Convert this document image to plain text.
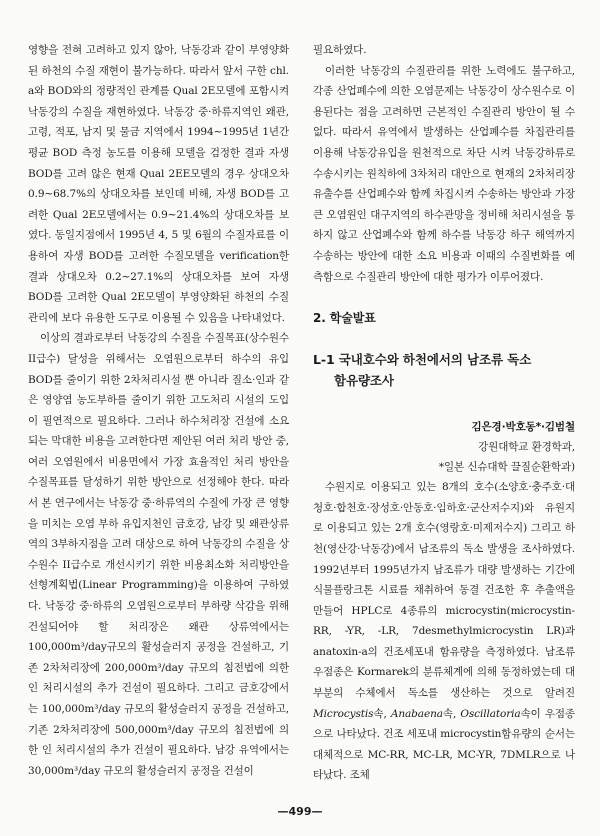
영향을 전혀 고려하고 있지 않아, 낙동강과 같이 부영양화된 하천의 수질 재현이 불가능하다. 따라서 앞서 구한 chl. a와 BOD와의 정량적인 관계를 Qual 2E모델에 포함시켜 낙동강의 수질을 재현하였다. 낙동강 중·하류지역인 왜관, 고령, 적포, 남지 및 물금 지역에서 1994∼1995년 1년간 평균 BOD 측정 농도를 이용해 모델을 검정한 결과 자생 BOD를 고려 않은 현재 Qual 2EE모델의 경우 상대오차 0.9∼68.7%의 상대오차를 보인데 비해, 자생 BOD를 고려한 Qual 2E모델에서는 0.9∼21.4%의 상대오차를 보였다. 동일지점에서 1995년 4, 5 및 6월의 수질자료를 이용하여 자생 BOD를 고려한 수질모델을 verification한 결과 상대오차 0.2∼27.1%의 상대오차를 보여 자생 BOD를 고려한 Qual 2E모델이 부영양화된 하천의 수질관리에 보다 유용한 도구로 이용될 수 있음을 나타내었다.

이상의 결과로부터 낙동강의 수질을 수질목표(상수원수 II급수) 달성을 위해서는 오염원으로부터 하수의 유입 BOD를 줄이기 위한 2차처리시설 뿐 아니라 질소·인과 같은 영양염 농도부하를 줄이기 위한 고도처리 시설의 도입이 필연적으로 필요하다. 그러나 하수처리장 건설에 소요되는 막대한 비용을 고려한다면 제안된 여러 처리 방안 중, 여러 오염원에서 비용면에서 가장 효율적인 처리 방안을 수질목표를 달성하기 위한 방안으로 선정해야 한다. 따라서 본 연구에서는 낙동강 중·하류역의 수질에 가장 큰 영향을 미치는 오염 부하 유입지천인 금호강, 남강 및 왜관상류역의 3부하지점을 고려 대상으로 하여 낙동강의 수질을 상수원수 II급수로 개선시키기 위한 비용최소화 처리방안을 선형계획법(Linear Programming)을 이용하여 구하였다. 낙동강 중·하류의 오염원으로부터 부하량 삭감을 위해 건설되어야 할 처리장은 왜관 상류역에서는 100,000m³/day규모의 활성슬러지 공정을 건설하고, 기존 2차처리장에 200,000m³/day 규모의 침전법에 의한 인 처리시설의 추가 건설이 필요하다. 그리고 금호강에서는 100,000m³/day 규모의 활성슬러지 공정을 건설하고, 기존 2차처리장에 500,000m³/day 규모의 침전법에 의한 인 처리시설의 추가 건설이 필요하다. 남강 유역에서는 30,000m³/day 규모의 활성슬러지 공정을 건설이

필요하였다.

이러한 낙동강의 수질관리를 위한 노력에도 불구하고, 각종 산업폐수에 의한 오염문제는 낙동강이 상수원수로 이용된다는 점을 고려하면 근본적인 수질관리 방안이 될 수 없다. 따라서 유역에서 발생하는 산업폐수를 차집관리를 이용해 낙동강유입을 원천적으로 차단 시켜 낙동강하류로 수송시키는 원칙하에 3차처리 대안으로 현재의 2차처리장 유출수를 산업폐수와 함께 차집시켜 수송하는 방안과 가장 큰 오염원인 대구지역의 하수관망을 정비해 처리시설을 통하지 않고 산업폐수와 함께 하수를 낙동강 하구 해역까지 수송하는 방안에 대한 소요 비용과 이때의 수질변화를 예측함으로 수질관리 방안에 대한 평가가 이루어졌다.

2. 학술발표
L-1 국내호수와 하천에서의 남조류 독소
함유량조사
김은경·박호동*·김범철
강원대학교 환경학과,
*일본 신슈대학 끌질순환학과)

수원지로 이용되고 있는 8개의 호수(소양호·충주호·대청호·합천호·장성호·안동호·임하호·군산저수지)와 유원지로 이용되고 있는 2개 호수(영랑호·미제저수지) 그리고 하천(영산강·낙동강)에서 남조류의 독소 발생을 조사하였다. 1992년부터 1995년가지 남조류가 대량 발생하는 기간에 식물플랑크톤 시료를 채취하여 동결 건조한 후 추출액을 만들어 HPLC로 4종류의 microcystin(microcystin-RR, -YR, -LR, 7desmethylmicrocystin LR)과 anatoxin-a의 건조세포내 함유량을 측정하였다. 남조류 우점종은 Kormarek의 분류체계에 의해 동정하였는데 대부분의 수체에서 독소를 생산하는 것으로 알려진 Microcystis속, Anabaena속, Oscillatoria속이 우점종으로 나타났다. 건조 세포내 microcystin함유량의 순서는 대체적으로 MC-RR, MC-LR, MC-YR, 7DMLR으로 나타났다. 조체

—499—
